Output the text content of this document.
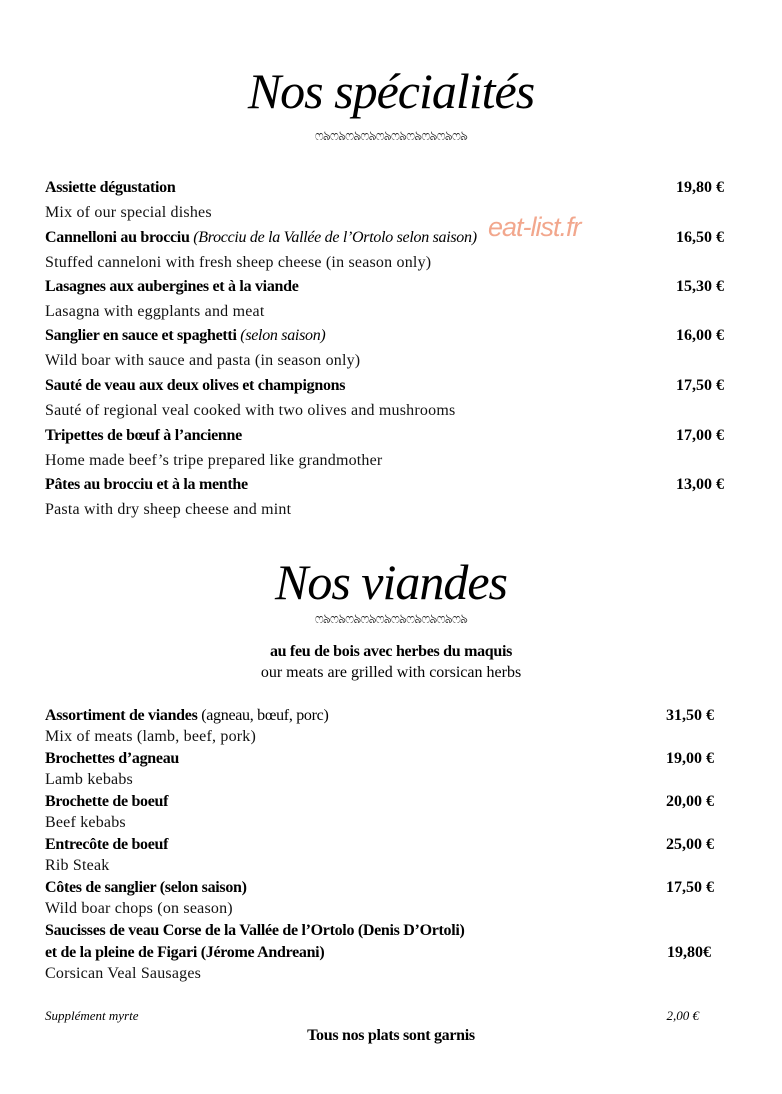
Nos spécialités
ෆ৯ෆ৯ෆ৯ෆ৯ෆ৯ෆ৯ෆ৯ෆ৯ෆ৯ෆ৯
eat-list.fr
Assiette dégustation	19,80 €
Mix of our special dishes
Cannelloni au brocciu (Brocciu de la Vallée de l’Ortolo selon saison)	16,50 €
Stuffed canneloni with fresh sheep cheese (in season only)
Lasagnes aux aubergines et à la viande	15,30 €
Lasagna with eggplants and meat
Sanglier en sauce et spaghetti (selon saison)	16,00 €
Wild boar with sauce and pasta (in season only)
Sauté de veau aux deux olives et champignons	17,50 €
Sauté of regional veal cooked with two olives and mushrooms
Tripettes de bœuf à l’ancienne	17,00 €
Home made beef’s tripe prepared like grandmother
Pâtes au brocciu et à la menthe	13,00 €
Pasta with dry sheep cheese and mint
Nos viandes
ෆ৯ෆ৯ෆ৯ෆ৯ෆ৯ෆ৯ෆ৯ෆ৯ෆ৯ෆ৯
au feu de bois avec herbes du maquis
our meats are grilled with corsican herbs
Assortiment de viandes (agneau, bœuf, porc)	31,50 €
Mix of meats (lamb, beef, pork)
Brochettes d’agneau	19,00 €
Lamb kebabs
Brochette de boeuf	20,00 €
Beef kebabs
Entrecôte de boeuf	25,00 €
Rib Steak
Côtes de sanglier (selon saison)	17,50 €
Wild boar chops (on season)
Saucisses de veau Corse de la Vallée de l’Ortolo (Denis D’Ortoli)
et de la pleine de Figari (Jérome Andreani)	19,80€
Corsican Veal Sausages
Supplément myrte	2,00 €
Tous nos plats sont garnis
